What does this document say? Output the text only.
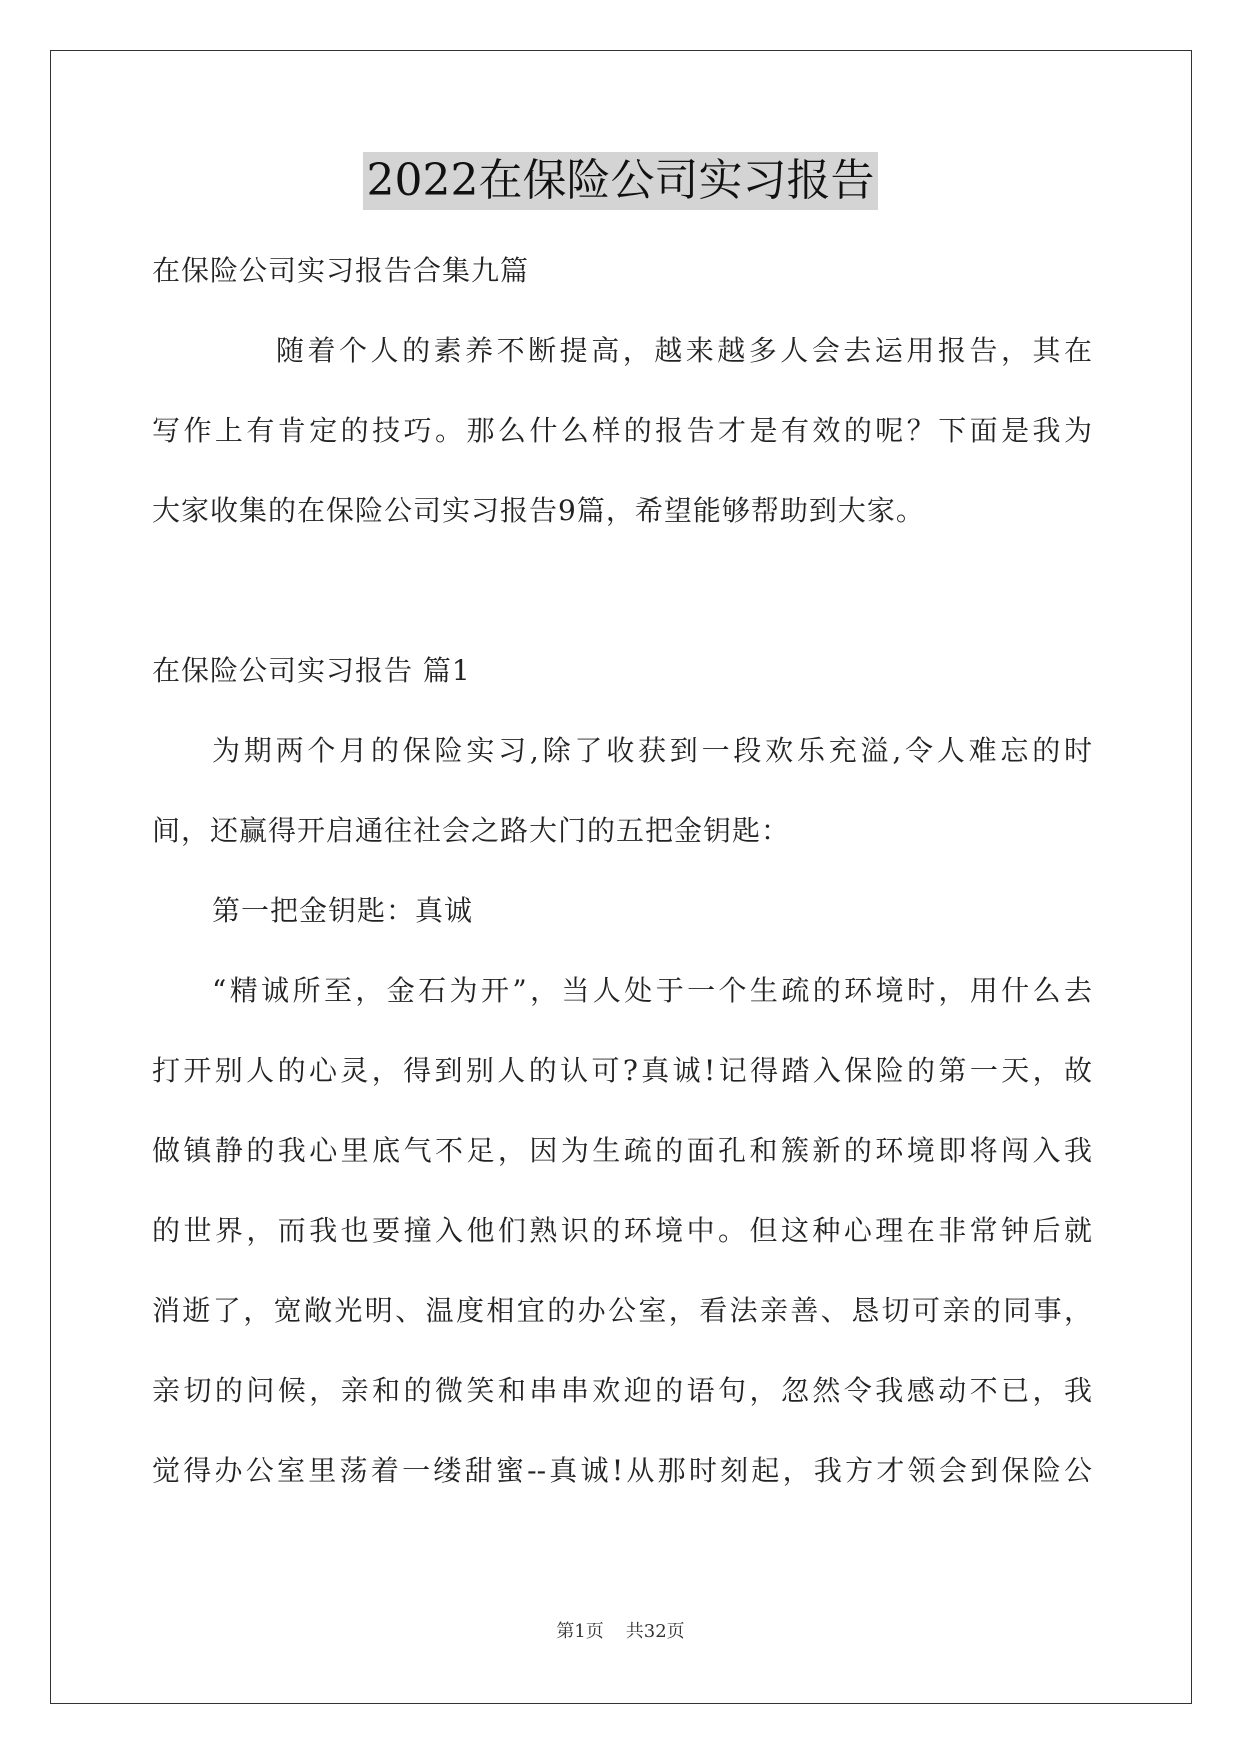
2022在保险公司实习报告
在保险公司实习报告合集九篇
随着个人的素养不断提高，越来越多人会去运用报告，其在
写作上有肯定的技巧。那么什么样的报告才是有效的呢？下面是我为
大家收集的在保险公司实习报告9篇，希望能够帮助到大家。
在保险公司实习报告 篇1
为期两个月的保险实习,除了收获到一段欢乐充溢,令人难忘的时
间，还赢得开启通往社会之路大门的五把金钥匙：
第一把金钥匙：真诚
“精诚所至，金石为开”，当人处于一个生疏的环境时，用什么去
打开别人的心灵，得到别人的认可?真诚!记得踏入保险的第一天，故
做镇静的我心里底气不足，因为生疏的面孔和簇新的环境即将闯入我
的世界，而我也要撞入他们熟识的环境中。但这种心理在非常钟后就
消逝了，宽敞光明、温度相宜的办公室，看法亲善、恳切可亲的同事，
亲切的问候，亲和的微笑和串串欢迎的语句，忽然令我感动不已，我
觉得办公室里荡着一缕甜蜜--真诚!从那时刻起，我方才领会到保险公
第1页 共32页
